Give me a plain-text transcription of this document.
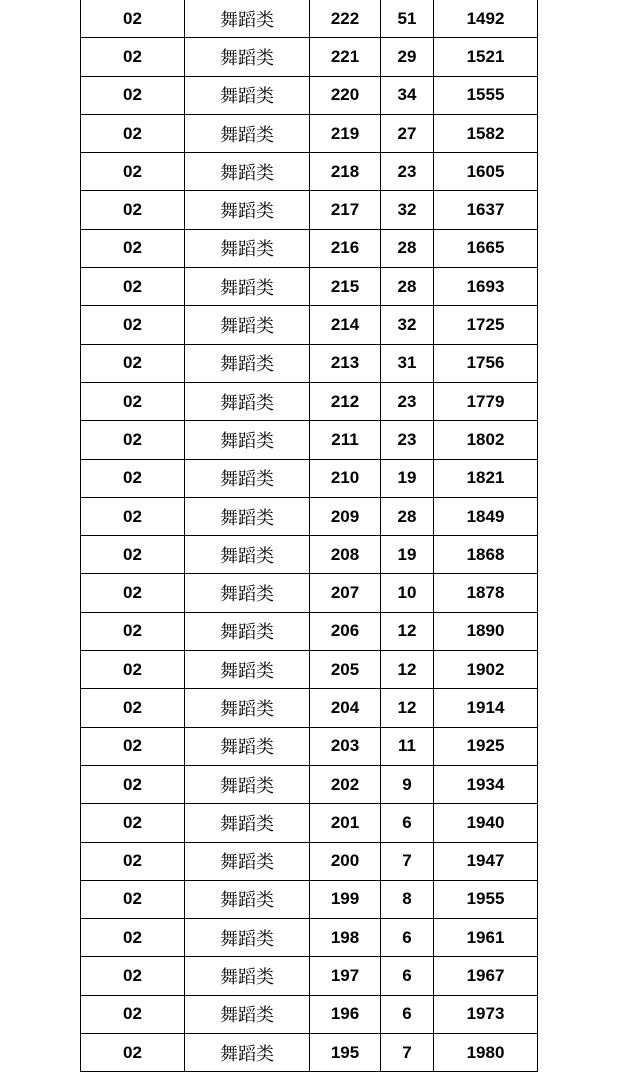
02	舞蹈类	222	51	1492
02	舞蹈类	221	29	1521
02	舞蹈类	220	34	1555
02	舞蹈类	219	27	1582
02	舞蹈类	218	23	1605
02	舞蹈类	217	32	1637
02	舞蹈类	216	28	1665
02	舞蹈类	215	28	1693
02	舞蹈类	214	32	1725
02	舞蹈类	213	31	1756
02	舞蹈类	212	23	1779
02	舞蹈类	211	23	1802
02	舞蹈类	210	19	1821
02	舞蹈类	209	28	1849
02	舞蹈类	208	19	1868
02	舞蹈类	207	10	1878
02	舞蹈类	206	12	1890
02	舞蹈类	205	12	1902
02	舞蹈类	204	12	1914
02	舞蹈类	203	11	1925
02	舞蹈类	202	9	1934
02	舞蹈类	201	6	1940
02	舞蹈类	200	7	1947
02	舞蹈类	199	8	1955
02	舞蹈类	198	6	1961
02	舞蹈类	197	6	1967
02	舞蹈类	196	6	1973
02	舞蹈类	195	7	1980
